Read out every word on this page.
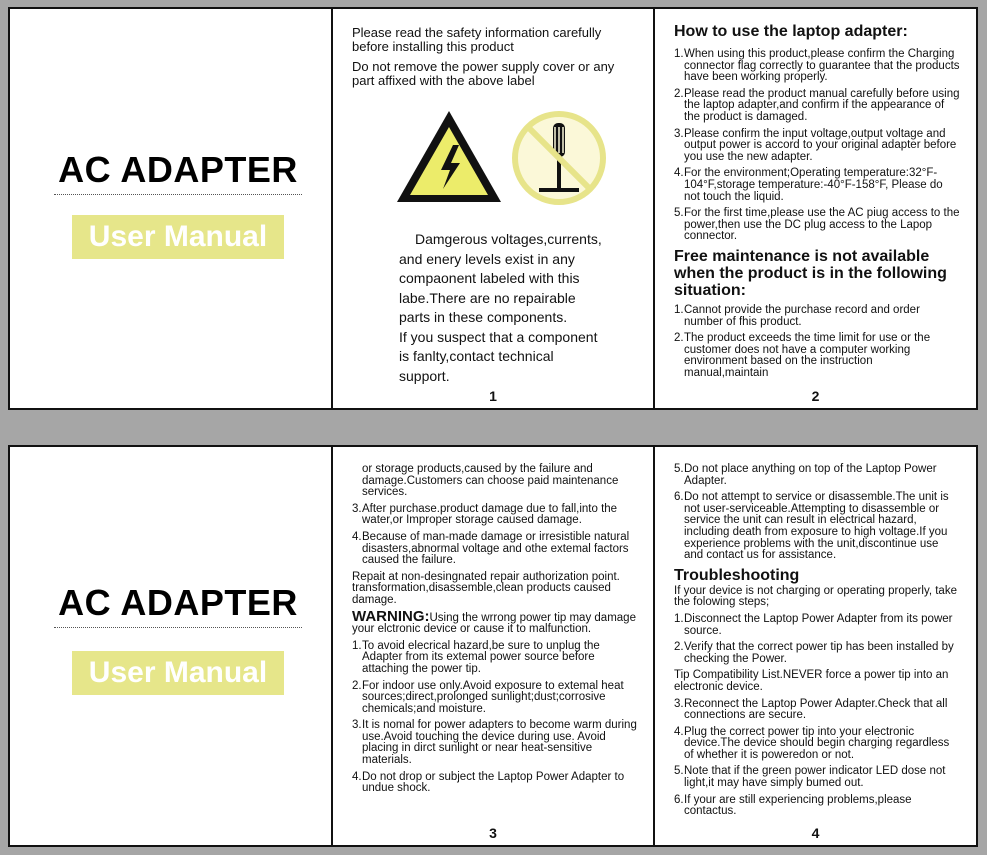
AC ADAPTER
User Manual

Please read the safety information carefully before installing this product

Do not remove the power supply cover or any part affixed with the above label

Damgerous voltages,currents,

and enery levels exist in any

compaonent labeled with this

labe.There are no repairable

parts in these components.

If you suspect that a component

is fanlty,contact technical

support.

1

How to use the laptop adapter:

1. When using this product,please confirm the Charging connector flag correctly to guarantee that the products have been working properly.
2. Please read the product manual carefully before using the laptop adapter,and confirm if the appearance of the product is damaged.
3. Please confirm the input voltage,output voltage and output power is accord to your original adapter before you use the new adapter.
4. For the environment;Operating temperature:32°F-104°F,storage temperature:-40°F-158°F, Please do not touch the liquid.
5. For the first time,please use the AC piug access to the power,then use the DC plug access to the Lapop connector.

Free maintenance is not available when the product is in the following situation:

1. Cannot provide the purchase record and order number of fhis product.
2. The product exceeds the time limit for use or the customer does not have a computer working environment based on the instruction manual,maintain
2
AC ADAPTER
User Manual

or storage products,caused by the failure and damage.Customers can choose paid maintenance services.

3. After purchase.product damage due to fall,into the water,or Improper storage caused damage.
4. Because of man-made damage or irresistible natural disasters,abnormal voltage and othe extemal factors caused the failure.

Repait at non-desingnated repair authorization point. transformation,disassemble,clean products caused damage.

WARNING:Using the wrrong power tip may damage your elctronic device or cause it to malfunction.

1. To avoid elecrical hazard,be sure to unplug the Adapter from its extemal power source before attaching the power tip.
2. For indoor use only.Avoid exposure to extemal heat sources;direct,prolonged sunlight;dust;corrosive chemicals;and moisture.
3. It is nomal for power adapters to become warm during use.Avoid touching the device during use. Avoid placing in dirct sunlight or near heat-sensitive materials.
4. Do not drop or subject the Laptop Power Adapter to undue shock.
3
5. Do not place anything on top of the Laptop Power Adapter.
6. Do not attempt to service or disassemble.The unit is not user-serviceable.Attempting to disassemble or service the unit can result in electrical hazard, including death from exposure to high voltage.If you experience problems with the unit,discontinue use and contact us for assistance.

Troubleshooting

If your device is not charging or operating properly, take the folowing steps;

1. Disconnect the Laptop Power Adapter from its power source.
2. Verify that the correct power tip has been installed by checking the Power.

Tip Compatibility List.NEVER force a power tip into an electronic device.

3. Reconnect the Laptop Power Adapter.Check that all connections are secure.
4. Plug the correct power tip into your electronic device.The device should begin charging regardless of whether it is poweredon or not.
5. Note that if the green power indicator LED dose not light,it may have simply bumed out.
6. If your are still experiencing problems,please contactus.
4
